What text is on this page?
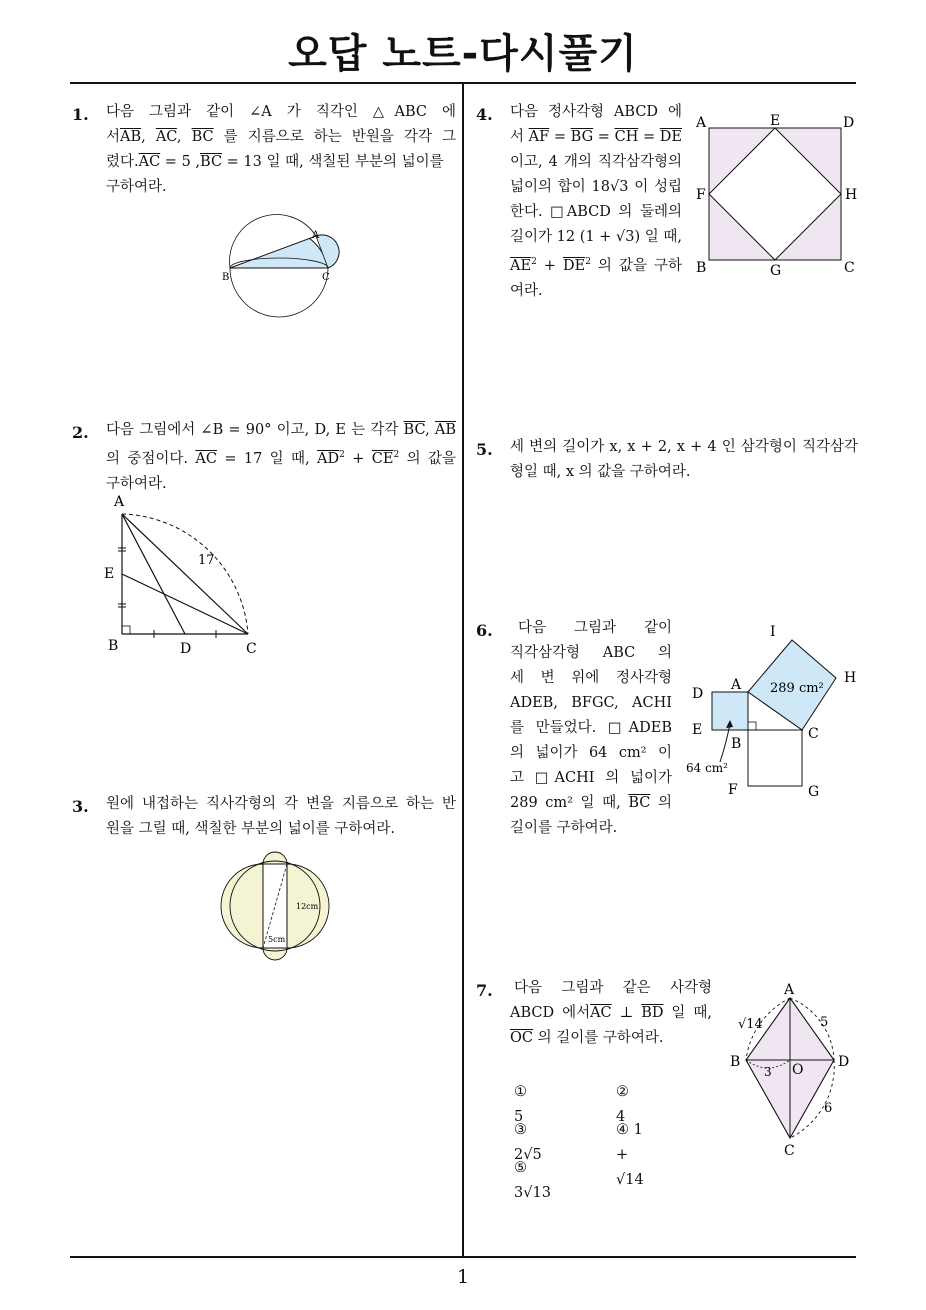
오답 노트-다시풀기
1
1. 다음 그림과 같이 ∠A 가 직각인 △ABC 에
서$\overline{AB}$, $\overline{AC}$, $\overline{BC}$ 를 지름으로 하는 반원을 각각 그
렸다$.\overline{AC} = 5$ $,\overline{BC} = 13$ 일 때, 색칠된 부분의 넓이를
구하여라.
A
B	C
2. 다음 그림에서 ∠B = 90° 이고, D, E 는 각각 $\overline{BC}$, $\overline{AB}$
의 중점이다. $\overline{AC} = 17$ 일 때, $\overline{AD}^2 + \overline{CE}^2$ 의 값을
구하여라.
A
E
B	D	C
17
3. 원에 내접하는 직사각형의 각 변을 지름으로 하는 반
원을 그릴 때, 색칠한 부분의 넓이를 구하여라.
12cm
5cm
4. 다음 정사각형 ABCD 에
서 $\overline{AF} = \overline{BG} = \overline{CH} = \overline{DE}$
이고, 4 개의 직각삼각형의
넓이의 합이 18√3 이 성립
한다. □ABCD 의 둘레의
길이가 12 (1 + √3) 일 때,
$\overline{AE}^2 + \overline{DE}^2$ 의 값을 구하
여라.
A	E	D
F	H
B	G	C
5. 세 변의 길이가 x, x + 2, x + 4 인 삼각형이 직각삼각
형일 때, x 의 값을 구하여라.
6.	다음 그림과 같이
직각삼각형 ABC 의
세 변 위에 정사각형
ADEB, BFGC, ACHI
를 만들었다. □ADEB
의 넓이가 64 cm² 이
고 □ACHI 의 넓이가
289 cm² 일 때, $\overline{BC}$ 의
길이를 구하여라.
I
H
D
A
E
B
C
F	G
289 cm²
64 cm²
7. 다음 그림과 같은 사각형
ABCD 에서$\overline{AC}$ ⊥ $\overline{BD}$ 일 때,
$\overline{OC}$ 의 길이를 구하여라.
① 5
② 4
③ 2√5
④ 1 + √14
⑤ 3√13
A
B	D
O
C
√14	5
3
6
